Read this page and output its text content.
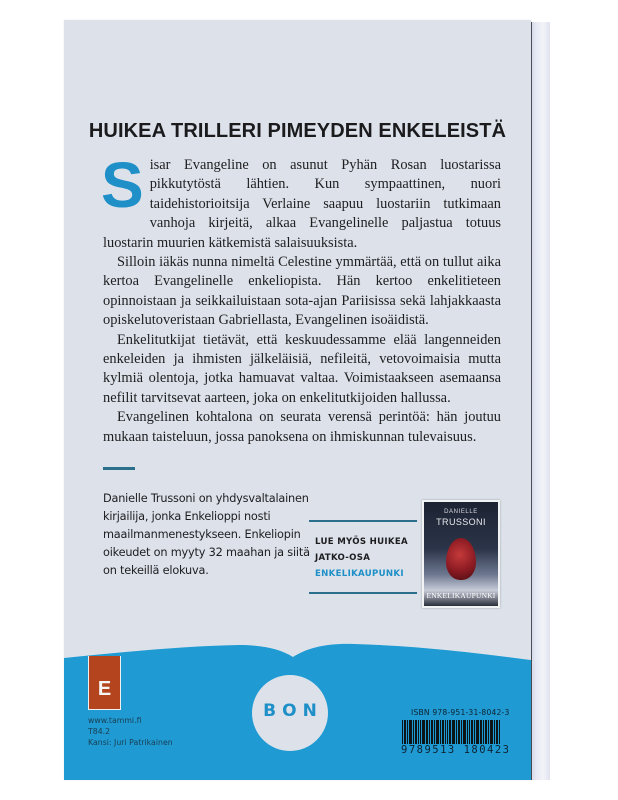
HUIKEA TRILLERI PIMEYDEN ENKELEISTÄ

Sisar Evangeline on asunut Pyhän Rosan luostarissa pikkutytöstä lähtien. Kun sympaattinen, nuori taidehistorioitsija Verlaine saapuu luostariin tutkimaan vanhoja kirjeitä, alkaa Evangelinelle paljastua totuus luostarin muurien kätkemistä salaisuuksista.

Silloin iäkäs nunna nimeltä Celestine ymmärtää, että on tullut aika kertoa Evangelinelle enkeliopista. Hän kertoo enkelitieteen opinnoistaan ja seikkailuistaan sota-ajan Pariisissa sekä lahjakkaasta opiskelutoveristaan Gabriellasta, Evangelinen isoäidistä.

Enkelitutkijat tietävät, että keskuudessamme elää langenneiden enkeleiden ja ihmisten jälkeläisiä, nefileitä, vetovoimaisia mutta kylmiä olentoja, jotka hamuavat valtaa. Voimistaakseen asemaansa nefilit tarvitsevat aarteen, joka on enkelitutkijoiden hallussa.

Evangelinen kohtalona on seurata verensä perintöä: hän joutuu mukaan taisteluun, jossa panoksena on ihmiskunnan tulevaisuus.

Danielle Trussoni on yhdysvaltalainen kirjailija, jonka Enkelioppi nosti maailmanmenestykseen. Enkeliopin oikeudet on myyty 32 maahan ja siitä on tekeillä elokuva.
LUE MYÖS HUIKEA
JATKO-OSA
ENKELIKAUPUNKI
DANIELLE
TRUSSONI
ENKELIKAUPUNKI
E
www.tammi.fi
T84.2
Kansi: Juri Patrikainen
BON	ISBN 978-951-31-8042-3
9789513 180423
